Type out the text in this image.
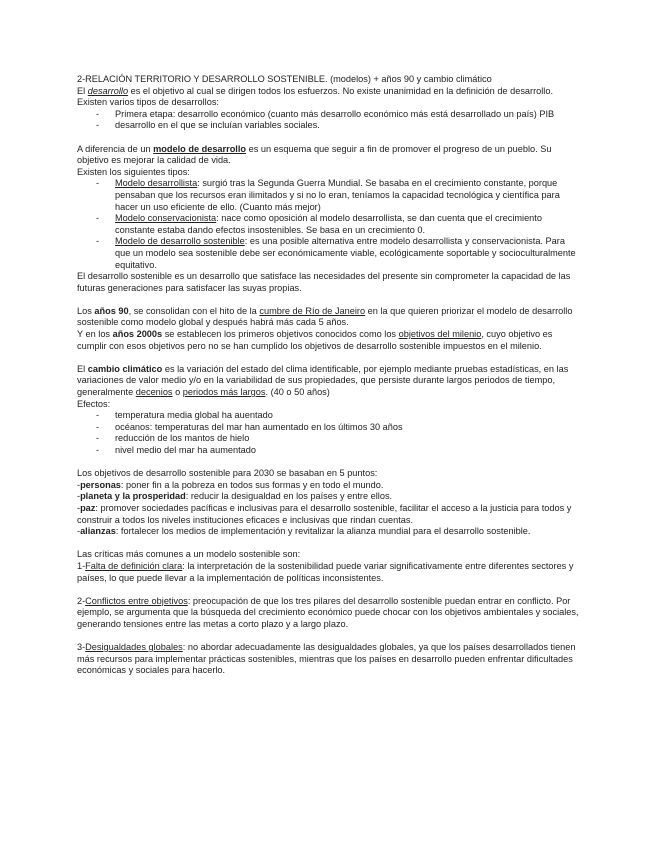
2-RELACIÓN TERRITORIO Y DESARROLLO SOSTENIBLE. (modelos) + años 90 y cambio climático

El desarrollo es el objetivo al cual se dirigen todos los esfuerzos. No existe unanimidad en la definición de desarrollo.

Existen varios tipos de desarrollos:

- Primera etapa: desarrollo económico (cuanto más desarrollo económico más está desarrollado un país) PIB
- desarrollo en el que se incluían variables sociales.

A diferencia de un modelo de desarrollo es un esquema que seguir a fin de promover el progreso de un pueblo. Su objetivo es mejorar la calidad de vida.

Existen los siguientes tipos:

- Modelo desarrollista: surgió tras la Segunda Guerra Mundial. Se basaba en el crecimiento constante, porque pensaban que los recursos eran ilimitados y si no lo eran, teníamos la capacidad tecnológica y científica para hacer un uso eficiente de ello. (Cuanto más mejor)
- Modelo conservacionista: nace como oposición al modelo desarrollista, se dan cuenta que el crecimiento constante estaba dando efectos insostenibles. Se basa en un crecimiento 0.
- Modelo de desarrollo sostenible: es una posible alternativa entre modelo desarrollista y conservacionista. Para que un modelo sea sostenible debe ser económicamente viable, ecológicamente soportable y socioculturalmente equitativo.

El desarrollo sostenible es un desarrollo que satisface las necesidades del presente sin comprometer la capacidad de las futuras generaciones para satisfacer las suyas propias.

Los años 90, se consolidan con el hito de la cumbre de Río de Janeiro en la que quieren priorizar el modelo de desarrollo sostenible como modelo global y después habrá más cada 5 años.

Y en los años 2000s se establecen los primeros objetivos conocidos como los objetivos del milenio, cuyo objetivo es cumplir con esos objetivos pero no se han cumplido los objetivos de desarrollo sostenible impuestos en el milenio.

El cambio climático es la variación del estado del clima identificable, por ejemplo mediante pruebas estadísticas, en las variaciones de valor medio y/o en la variabilidad de sus propiedades, que persiste durante largos periodos de tiempo, generalmente decenios o periodos más largos. (40 o 50 años)

Efectos:

- temperatura media global ha auentado
- océanos: temperaturas del mar han aumentado en los últimos 30 años
- reducción de los mantos de hielo
- nivel medio del mar ha aumentado

Los objetivos de desarrollo sostenible para 2030 se basaban en 5 puntos:

-personas: poner fin a la pobreza en todos sus formas y en todo el mundo.

-planeta y la prosperidad: reducir la desigualdad en los países y entre ellos.

-paz: promover sociedades pacíficas e inclusivas para el desarrollo sostenible, facilitar el acceso a la justicia para todos y construir a todos los niveles instituciones eficaces e inclusivas que rindan cuentas.

-alianzas: fortalecer los medios de implementación y revitalizar la alianza mundial para el desarrollo sostenible.

Las críticas más comunes a un modelo sostenible son:

1-Falta de definición clara: la interpretación de la sostenibilidad puede variar significativamente entre diferentes sectores y países, lo que puede llevar a la implementación de políticas inconsistentes.

2-Conflictos entre objetivos: preocupación de que los tres pilares del desarrollo sostenible puedan entrar en conflicto. Por ejemplo, se argumenta que la búsqueda del crecimiento económico puede chocar con los objetivos ambientales y sociales, generando tensiones entre las metas a corto plazo y a largo plazo.

3-Desigualdades globales: no abordar adecuadamente las desigualdades globales, ya que los países desarrollados tienen más recursos para implementar prácticas sostenibles, mientras que los países en desarrollo pueden enfrentar dificultades económicas y sociales para hacerlo.
